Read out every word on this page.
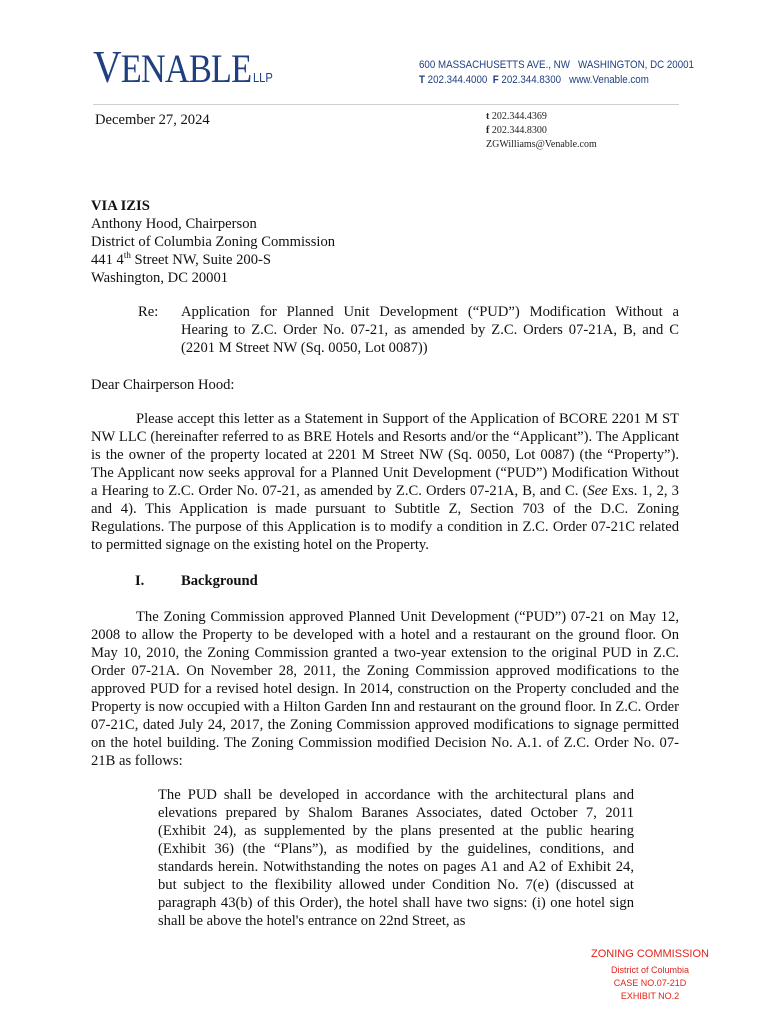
VENABLE LLP
600 MASSACHUSETTS AVE., NW   WASHINGTON, DC 20001
T 202.344.4000 F 202.344.8300 www.Venable.com
t 202.344.4369
f 202.344.8300
ZGWilliams@Venable.com
December 27, 2024
VIA IZIS
Anthony Hood, Chairperson
District of Columbia Zoning Commission
441 4th Street NW, Suite 200-S
Washington, DC 20001
Re: Application for Planned Unit Development (“PUD”) Modification Without a Hearing to Z.C. Order No. 07-21, as amended by Z.C. Orders 07-21A, B, and C (2201 M Street NW (Sq. 0050, Lot 0087))
Dear Chairperson Hood:
Please accept this letter as a Statement in Support of the Application of BCORE 2201 M ST NW LLC (hereinafter referred to as BRE Hotels and Resorts and/or the “Applicant”). The Applicant is the owner of the property located at 2201 M Street NW (Sq. 0050, Lot 0087) (the “Property”). The Applicant now seeks approval for a Planned Unit Development (“PUD”) Modification Without a Hearing to Z.C. Order No. 07-21, as amended by Z.C. Orders 07-21A, B, and C. (See Exs. 1, 2, 3 and 4). This Application is made pursuant to Subtitle Z, Section 703 of the D.C. Zoning Regulations. The purpose of this Application is to modify a condition in Z.C. Order 07-21C related to permitted signage on the existing hotel on the Property.
I.	Background
The Zoning Commission approved Planned Unit Development (“PUD”) 07-21 on May 12, 2008 to allow the Property to be developed with a hotel and a restaurant on the ground floor. On May 10, 2010, the Zoning Commission granted a two-year extension to the original PUD in Z.C. Order 07-21A. On November 28, 2011, the Zoning Commission approved modifications to the approved PUD for a revised hotel design. In 2014, construction on the Property concluded and the Property is now occupied with a Hilton Garden Inn and restaurant on the ground floor. In Z.C. Order 07-21C, dated July 24, 2017, the Zoning Commission approved modifications to signage permitted on the hotel building. The Zoning Commission modified Decision No. A.1. of Z.C. Order No. 07-21B as follows:
The PUD shall be developed in accordance with the architectural plans and elevations prepared by Shalom Baranes Associates, dated October 7, 2011 (Exhibit 24), as supplemented by the plans presented at the public hearing (Exhibit 36) (the “Plans”), as modified by the guidelines, conditions, and standards herein. Notwithstanding the notes on pages A1 and A2 of Exhibit 24, but subject to the flexibility allowed under Condition No. 7(e) (discussed at paragraph 43(b) of this Order), the hotel shall have two signs: (i) one hotel sign shall be above the hotel's entrance on 22nd Street, as
ZONING COMMISSION
District of Columbia
CASE NO.07-21D
EXHIBIT NO.2
